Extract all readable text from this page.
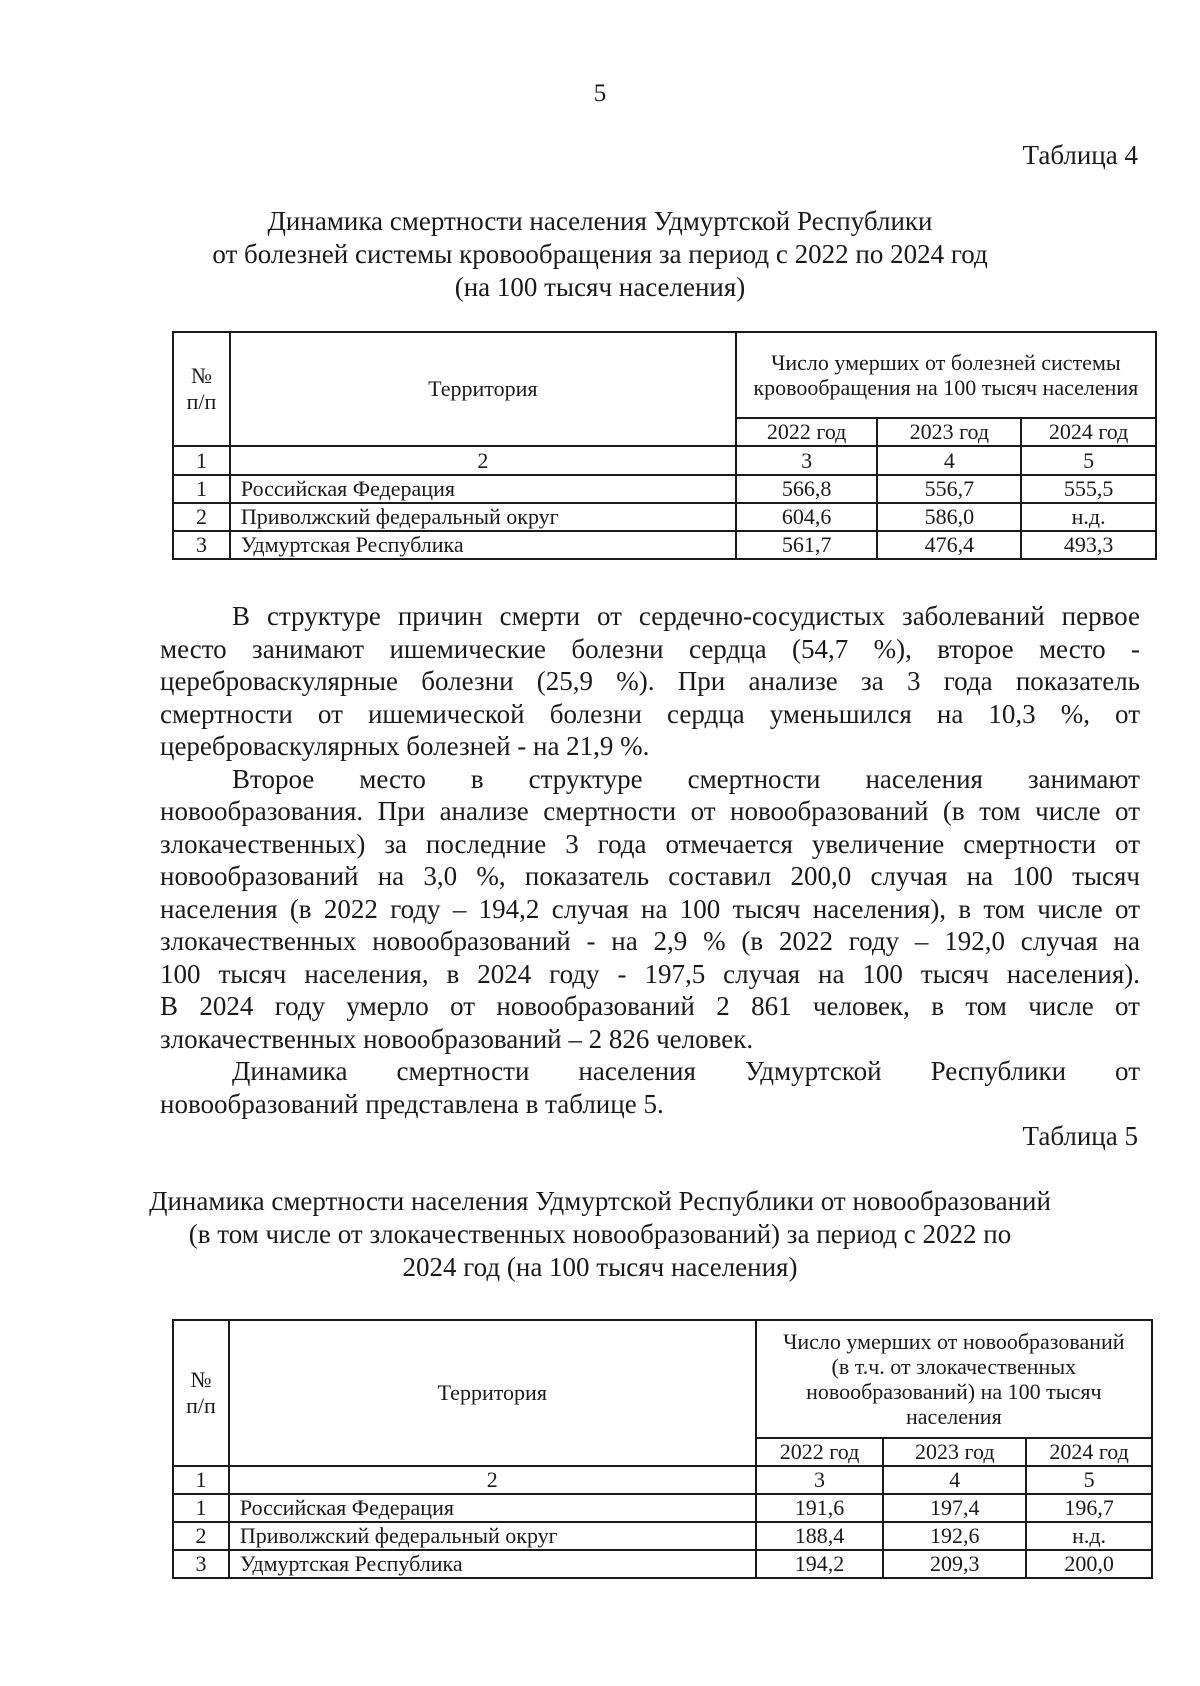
5
Таблица 4
Динамика смертности населения Удмуртской Республики
от болезней системы кровообращения за период с 2022 по 2024 год
(на 100 тысяч населения)
№
п/п	Территория	Число умерших от болезней системы кровообращения на 100 тысяч населения		
		2022 год	2023 год	2024 год
1	2	3	4	5
1	Российская Федерация	566,8	556,7	555,5
2	Приволжский федеральный округ	604,6	586,0	н.д.
3	Удмуртская Республика	561,7	476,4	493,3
В структуре причин смерти от сердечно-сосудистых заболеваний первое
место занимают ишемические болезни сердца (54,7 %), второе место -
цереброваскулярные болезни (25,9 %). При анализе за 3 года показатель
смертности от ишемической болезни сердца уменьшился на 10,3 %, от
цереброваскулярных болезней - на 21,9 %.
Второе место в структуре смертности населения занимают
новообразования. При анализе смертности от новообразований (в том числе от
злокачественных) за последние 3 года отмечается увеличение смертности от
новообразований на 3,0 %, показатель составил 200,0 случая на 100 тысяч
населения (в 2022 году – 194,2 случая на 100 тысяч населения), в том числе от
злокачественных новообразований - на 2,9 % (в 2022 году – 192,0 случая на
100 тысяч населения, в 2024 году - 197,5 случая на 100 тысяч населения).
В 2024 году умерло от новообразований 2 861 человек, в том числе от
злокачественных новообразований – 2 826 человек.
Динамика смертности населения Удмуртской Республики от
новообразований представлена в таблице 5.
Таблица 5
Динамика смертности населения Удмуртской Республики от новообразований
(в том числе от злокачественных новообразований) за период с 2022 по
2024 год (на 100 тысяч населения)
№
п/п	Территория	Число умерших от новообразований (в т.ч. от злокачественных новообразований) на 100 тысяч населения		
		2022 год	2023 год	2024 год
1	2	3	4	5
1	Российская Федерация	191,6	197,4	196,7
2	Приволжский федеральный округ	188,4	192,6	н.д.
3	Удмуртская Республика	194,2	209,3	200,0
